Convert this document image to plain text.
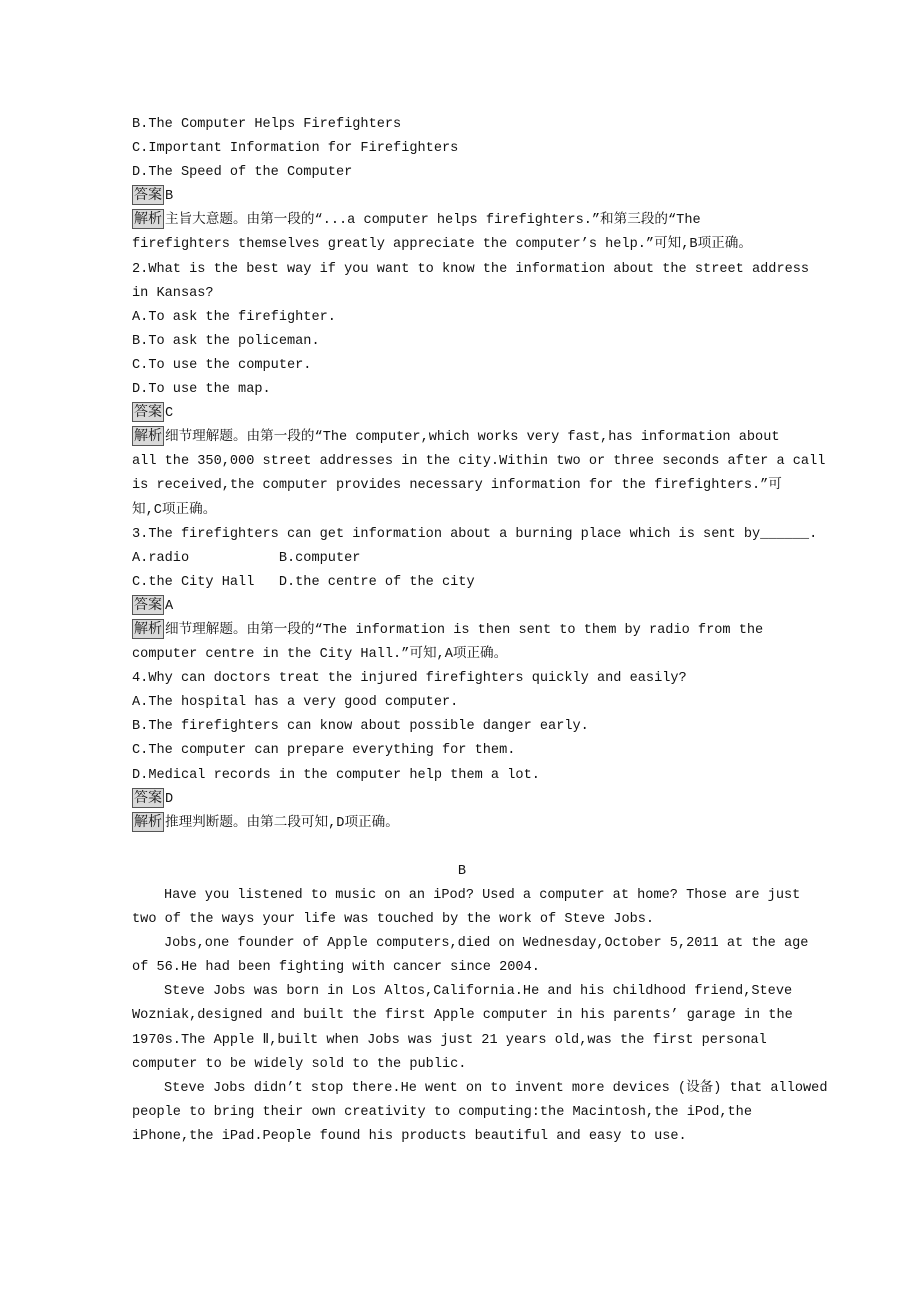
B.The Computer Helps Firefighters
C.Important Information for Firefighters
D.The Speed of the Computer
答案 B
解析 主旨大意题。由第一段的“...a computer helps firefighters.”和第三段的“The
firefighters themselves greatly appreciate the computer’s help.”可知,B项正确。
2.What is the best way if you want to know the information about the street address
in Kansas?
A.To ask the firefighter.
B.To ask the policeman.
C.To use the computer.
D.To use the map.
答案 C
解析 细节理解题。由第一段的“The computer,which works very fast,has information about
all the 350,000 street addresses in the city.Within two or three seconds after a call
is received,the computer provides necessary information for the firefighters.”可
知,C项正确。
3.The firefighters can get information about a burning place which is sent by______.
A.radio           B.computer
C.the City Hall   D.the centre of the city
答案 A
解析 细节理解题。由第一段的“The information is then sent to them by radio from the
computer centre in the City Hall.”可知,A项正确。
4.Why can doctors treat the injured firefighters quickly and easily?
A.The hospital has a very good computer.
B.The firefighters can know about possible danger early.
C.The computer can prepare everything for them.
D.Medical records in the computer help them a lot.
答案 D
解析 推理判断题。由第二段可知,D项正确。
B
Have you listened to music on an iPod? Used a computer at home? Those are just
two of the ways your life was touched by the work of Steve Jobs.
Jobs,one founder of Apple computers,died on Wednesday,October 5,2011 at the age
of 56.He had been fighting with cancer since 2004.
Steve Jobs was born in Los Altos,California.He and his childhood friend,Steve
Wozniak,designed and built the first Apple computer in his parents’ garage in the
1970s.The Apple Ⅱ,built when Jobs was just 21 years old,was the first personal
computer to be widely sold to the public.
Steve Jobs didn’t stop there.He went on to invent more devices (设备) that allowed
people to bring their own creativity to computing:the Macintosh,the iPod,the
iPhone,the iPad.People found his products beautiful and easy to use.
